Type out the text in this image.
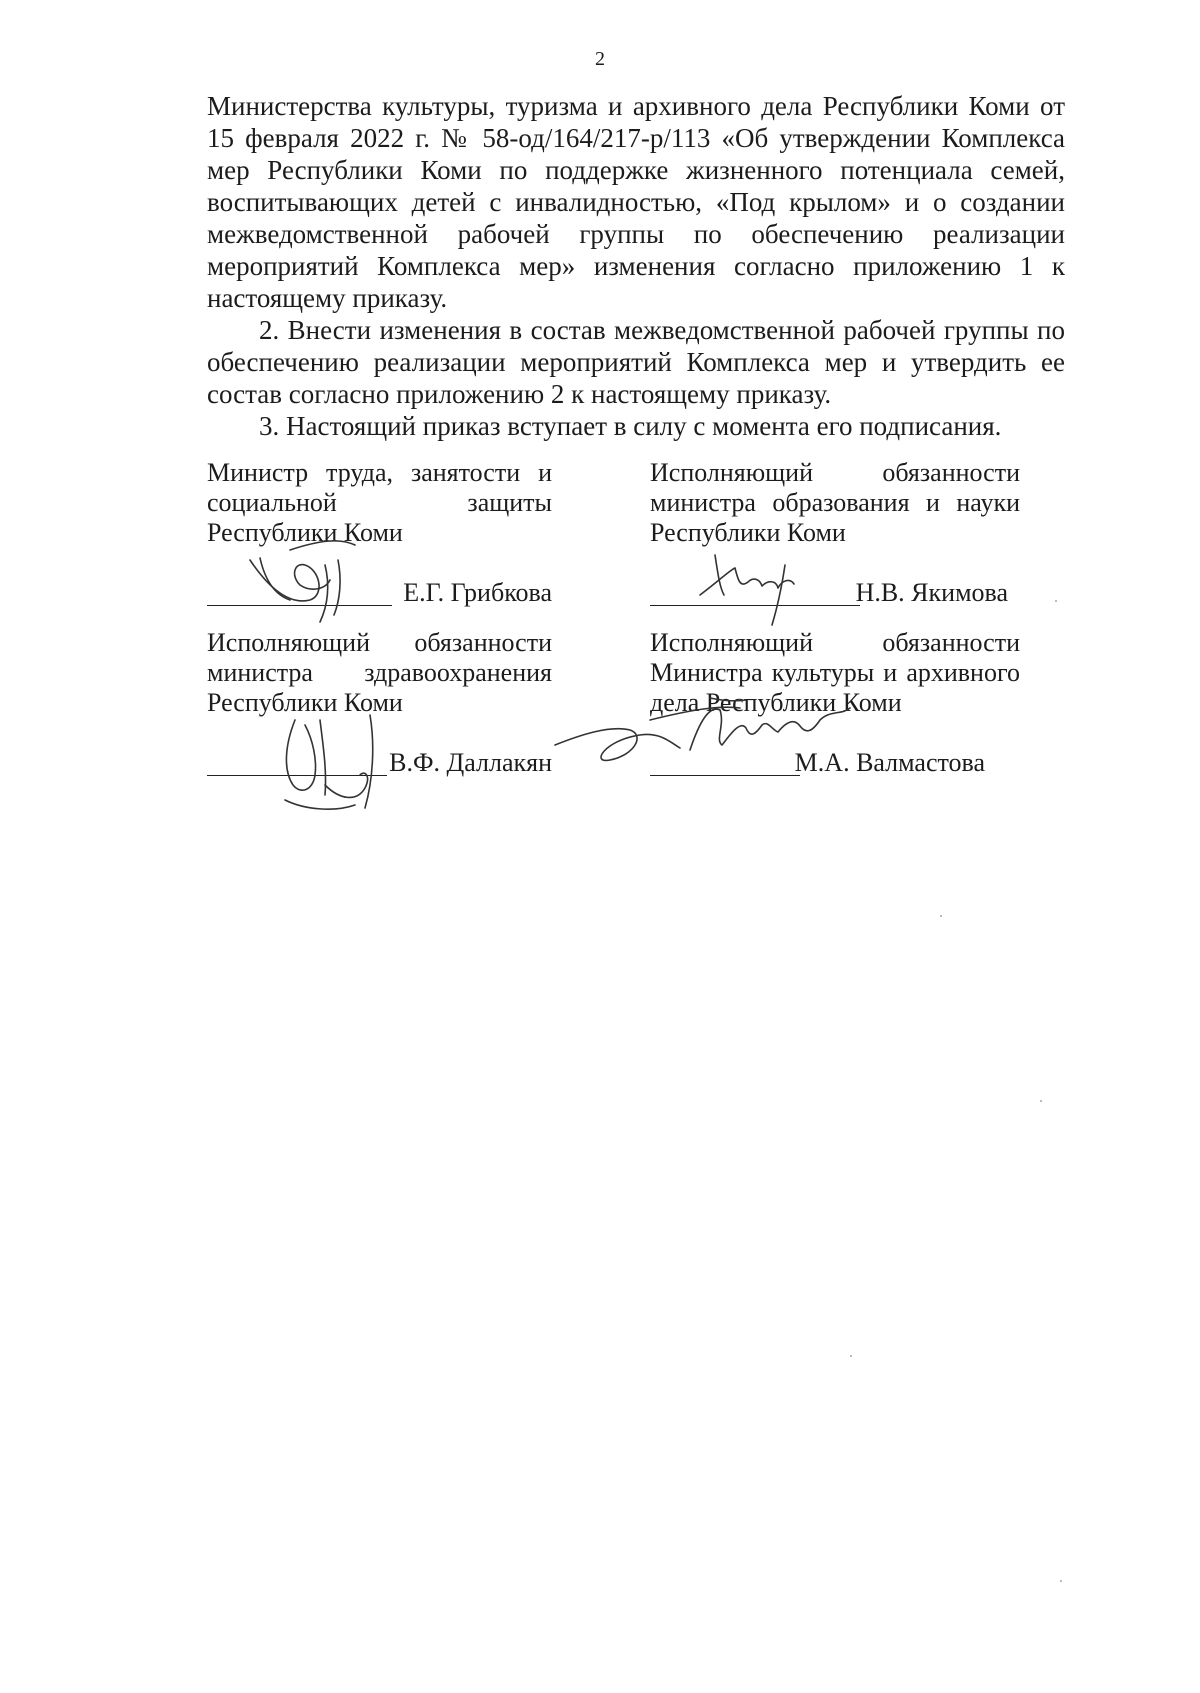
2

Министерства культуры, туризма и архивного дела Республики Коми от 15 февраля 2022 г. № 58-од/164/217-р/113 «Об утверждении Комплекса мер Республики Коми по поддержке жизненного потенциала семей, воспитывающих детей с инвалидностью, «Под крылом» и о создании межведомственной рабочей группы по обеспечению реализации мероприятий Комплекса мер» изменения согласно приложению 1 к настоящему приказу.

2. Внести изменения в состав межведомственной рабочей группы по обеспечению реализации мероприятий Комплекса мер и утвердить ее состав согласно приложению 2 к настоящему приказу.

3. Настоящий приказ вступает в силу с момента его подписания.

Министр труда, занятости и социальной защиты Республики Коми
Е.Г. Грибкова
Исполняющий обязанности министра образования и науки Республики Коми
Н.В. Якимова
Исполняющий обязанности министра здравоохранения Республики Коми
В.Ф. Даллакян
Исполняющий обязанности Министра культуры и архивного дела Республики Коми
М.А. Валмастова
